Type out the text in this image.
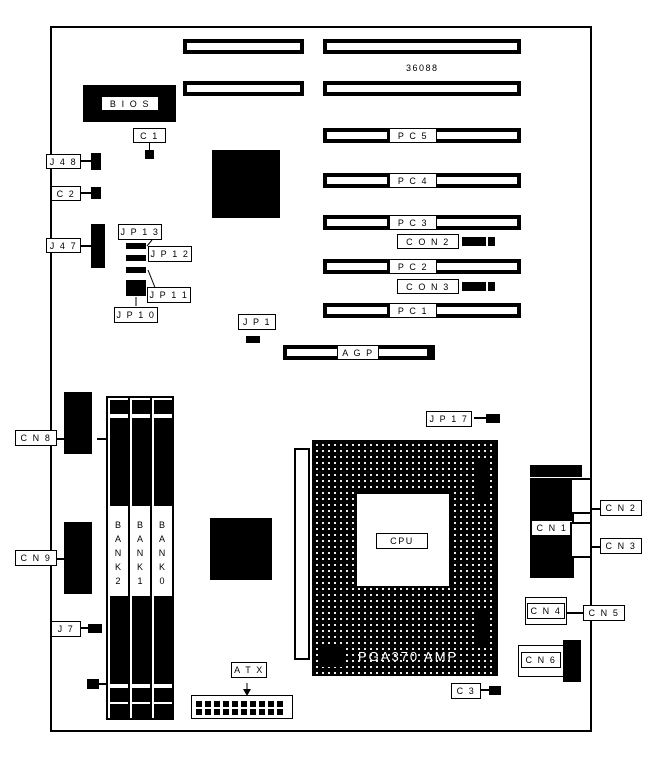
36088
B I O S
C 1	P C 5
P C 4
P C 3
P C 2
P C 1
C O N 2
C O N 3
A G P
J 4 8
C 2
J 4 7
J P 1 3
J P 1 2
J P 1 1
J P 1 0
J P 1
C N 8
C N 9
J 7
B
A
N
K
2
B
A
N
K
1
B
A
N
K
0
CPU
PGA370 AMP
J P 1 7
C 3
A T X
C N 1
C N 2
C N 3
C N 4	C N 5
C N 6
